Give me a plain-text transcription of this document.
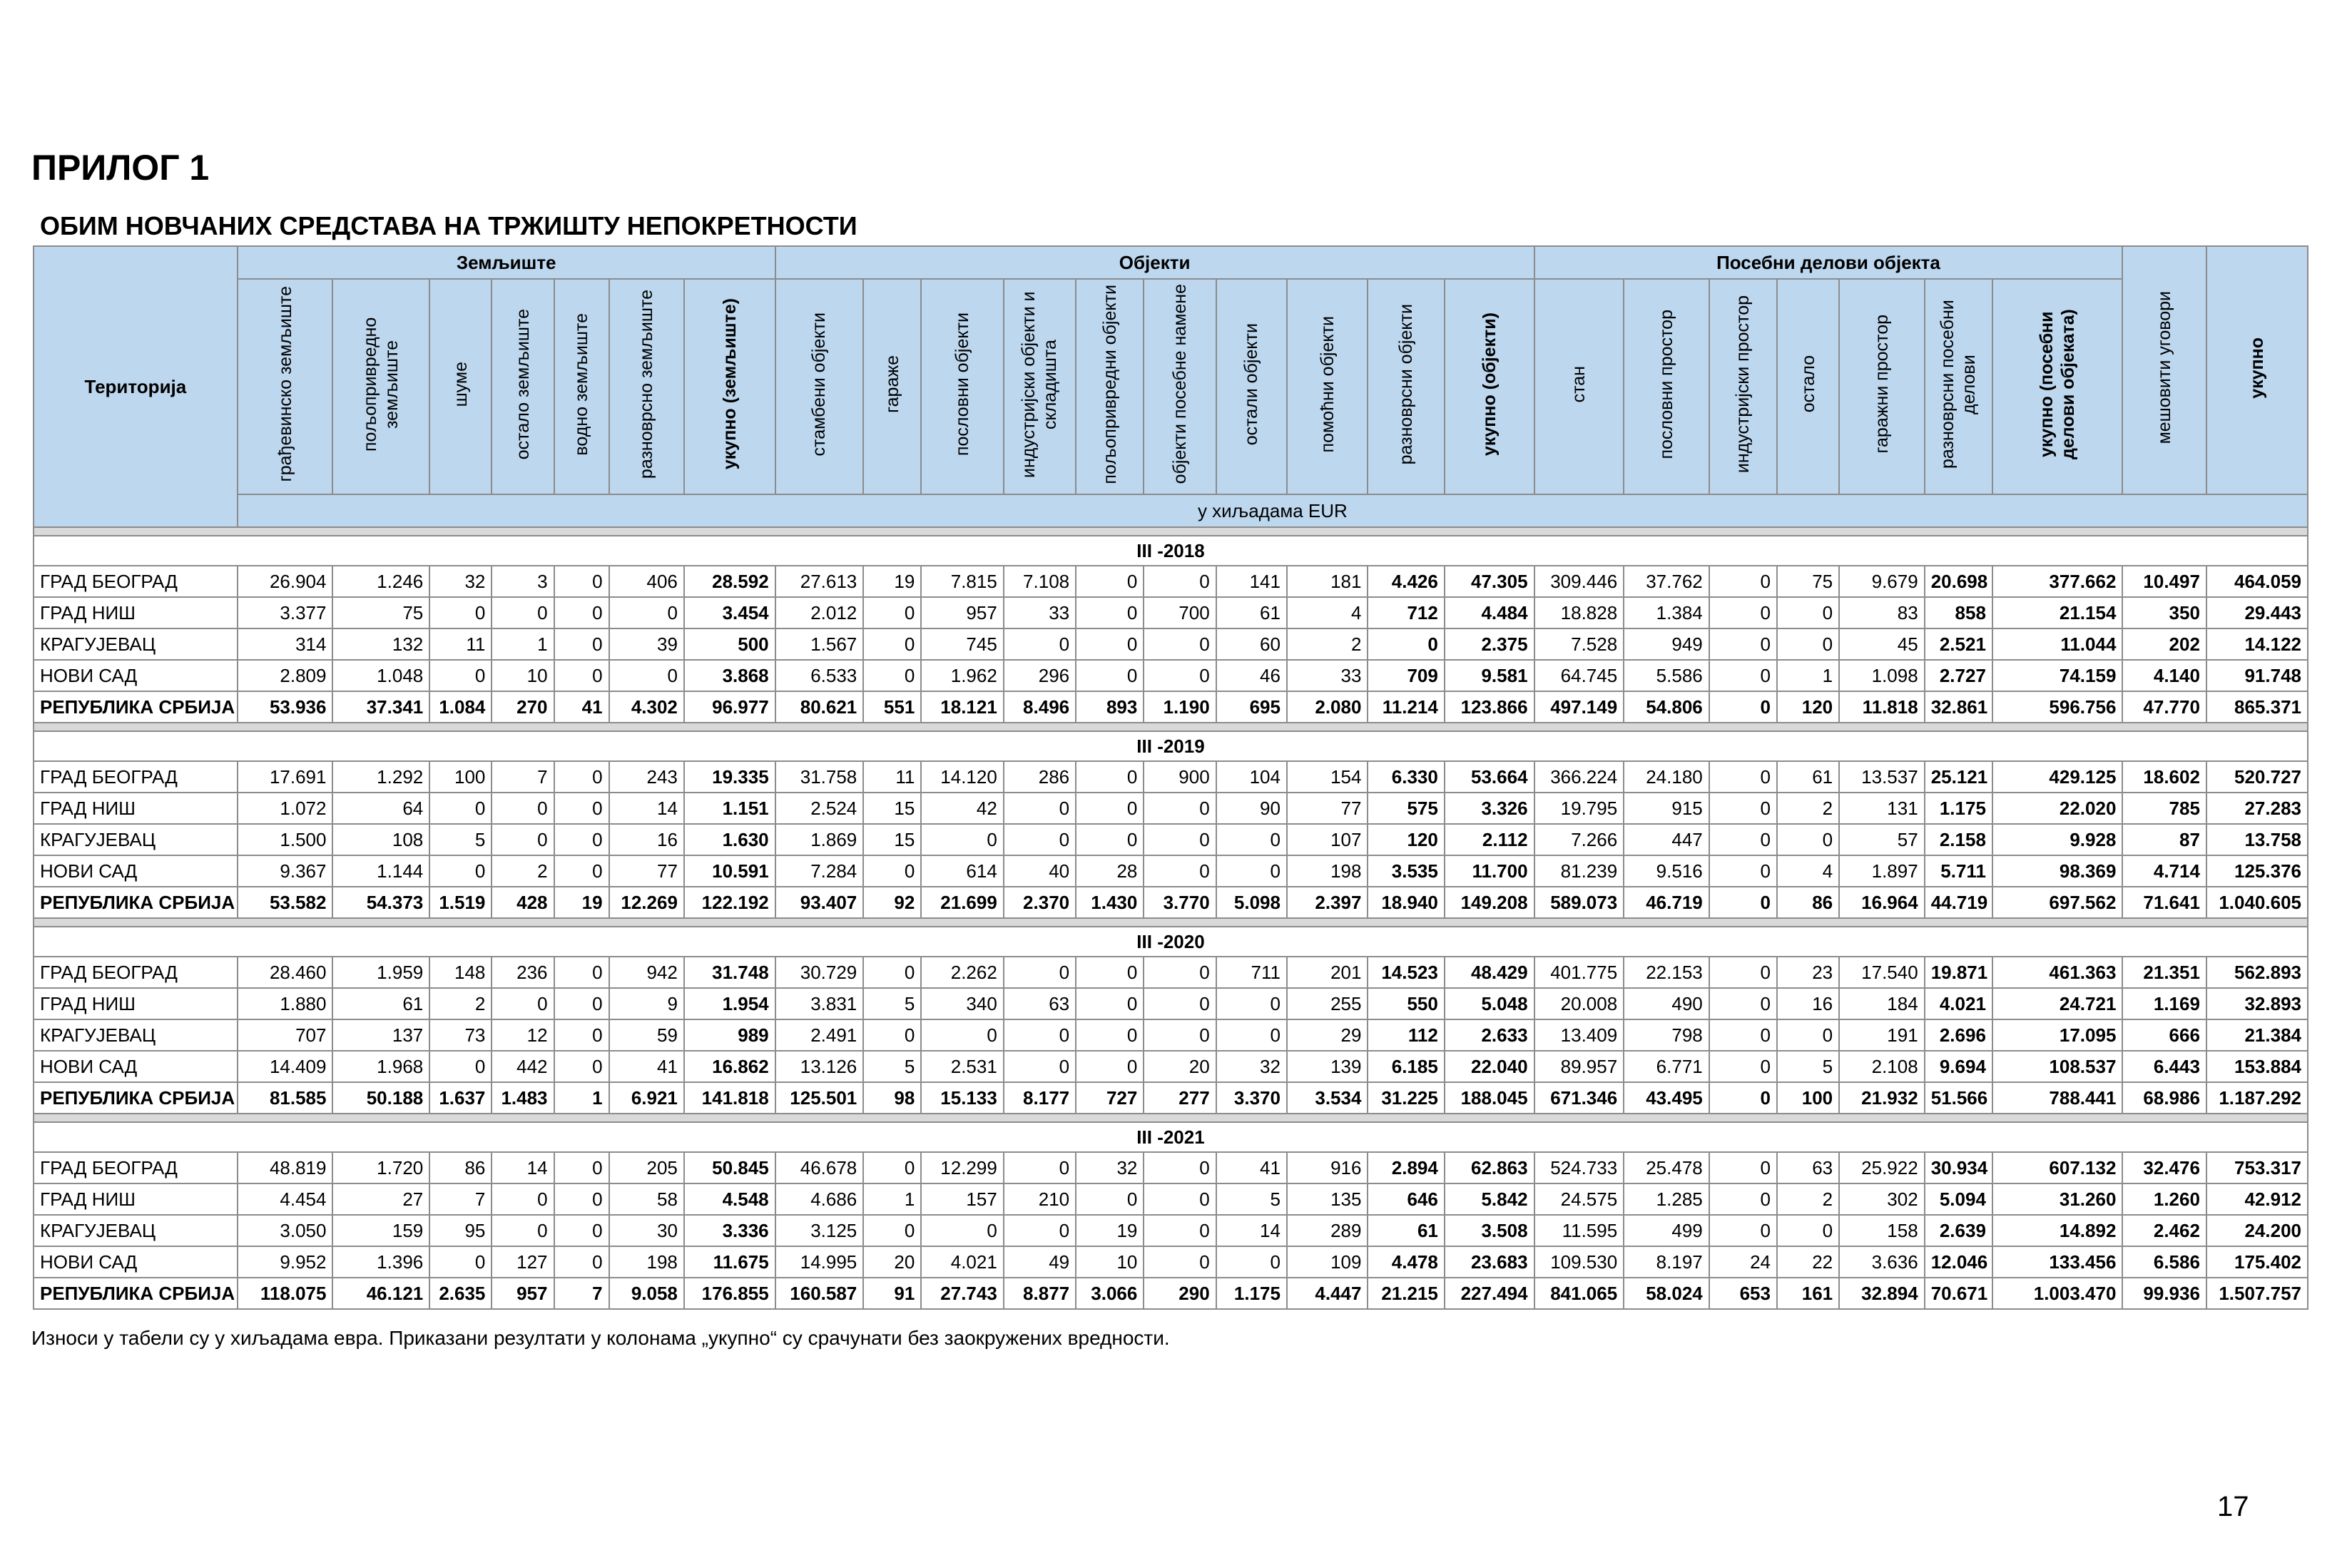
ПРИЛОГ 1
ОБИМ НОВЧАНИХ СРЕДСТАВА НА ТРЖИШТУ НЕПОКРЕТНОСТИ
Територија	Земљиште							Објекти										Посебни делови објекта							мешовити уговори	укупно
	грађевинско земљиште	пољопривредно земљиште	шуме	остало земљиште	водно земљиште	разноврсно земљиште	укупно (земљиште)	стамбени објекти	гараже	пословни објекти	индустријски објекти и складишта	пољопривредни објекти	објекти посебне намене	остали објекти	помоћни објекти	разноврсни објекти	укупно (објекти)	стан	пословни простор	индустријски простор	остало	гаражни простор	разноврсни посебни делови	укупно (посебни делови објеката)		
	у хиљадама EUR																									

III -2018																										
ГРАД БЕОГРАД	26.904	1.246	32	3	0	406	28.592	27.613	19	7.815	7.108	0	0	141	181	4.426	47.305	309.446	37.762	0	75	9.679	20.698	377.662	10.497	464.059
ГРАД НИШ	3.377	75	0	0	0	0	3.454	2.012	0	957	33	0	700	61	4	712	4.484	18.828	1.384	0	0	83	858	21.154	350	29.443
КРАГУЈЕВАЦ	314	132	11	1	0	39	500	1.567	0	745	0	0	0	60	2	0	2.375	7.528	949	0	0	45	2.521	11.044	202	14.122
НОВИ САД	2.809	1.048	0	10	0	0	3.868	6.533	0	1.962	296	0	0	46	33	709	9.581	64.745	5.586	0	1	1.098	2.727	74.159	4.140	91.748
РЕПУБЛИКА СРБИЈА	53.936	37.341	1.084	270	41	4.302	96.977	80.621	551	18.121	8.496	893	1.190	695	2.080	11.214	123.866	497.149	54.806	0	120	11.818	32.861	596.756	47.770	865.371

III -2019																										
ГРАД БЕОГРАД	17.691	1.292	100	7	0	243	19.335	31.758	11	14.120	286	0	900	104	154	6.330	53.664	366.224	24.180	0	61	13.537	25.121	429.125	18.602	520.727
ГРАД НИШ	1.072	64	0	0	0	14	1.151	2.524	15	42	0	0	0	90	77	575	3.326	19.795	915	0	2	131	1.175	22.020	785	27.283
КРАГУЈЕВАЦ	1.500	108	5	0	0	16	1.630	1.869	15	0	0	0	0	0	107	120	2.112	7.266	447	0	0	57	2.158	9.928	87	13.758
НОВИ САД	9.367	1.144	0	2	0	77	10.591	7.284	0	614	40	28	0	0	198	3.535	11.700	81.239	9.516	0	4	1.897	5.711	98.369	4.714	125.376
РЕПУБЛИКА СРБИЈА	53.582	54.373	1.519	428	19	12.269	122.192	93.407	92	21.699	2.370	1.430	3.770	5.098	2.397	18.940	149.208	589.073	46.719	0	86	16.964	44.719	697.562	71.641	1.040.605

III -2020																										
ГРАД БЕОГРАД	28.460	1.959	148	236	0	942	31.748	30.729	0	2.262	0	0	0	711	201	14.523	48.429	401.775	22.153	0	23	17.540	19.871	461.363	21.351	562.893
ГРАД НИШ	1.880	61	2	0	0	9	1.954	3.831	5	340	63	0	0	0	255	550	5.048	20.008	490	0	16	184	4.021	24.721	1.169	32.893
КРАГУЈЕВАЦ	707	137	73	12	0	59	989	2.491	0	0	0	0	0	0	29	112	2.633	13.409	798	0	0	191	2.696	17.095	666	21.384
НОВИ САД	14.409	1.968	0	442	0	41	16.862	13.126	5	2.531	0	0	20	32	139	6.185	22.040	89.957	6.771	0	5	2.108	9.694	108.537	6.443	153.884
РЕПУБЛИКА СРБИЈА	81.585	50.188	1.637	1.483	1	6.921	141.818	125.501	98	15.133	8.177	727	277	3.370	3.534	31.225	188.045	671.346	43.495	0	100	21.932	51.566	788.441	68.986	1.187.292

III -2021																										
ГРАД БЕОГРАД	48.819	1.720	86	14	0	205	50.845	46.678	0	12.299	0	32	0	41	916	2.894	62.863	524.733	25.478	0	63	25.922	30.934	607.132	32.476	753.317
ГРАД НИШ	4.454	27	7	0	0	58	4.548	4.686	1	157	210	0	0	5	135	646	5.842	24.575	1.285	0	2	302	5.094	31.260	1.260	42.912
КРАГУЈЕВАЦ	3.050	159	95	0	0	30	3.336	3.125	0	0	0	19	0	14	289	61	3.508	11.595	499	0	0	158	2.639	14.892	2.462	24.200
НОВИ САД	9.952	1.396	0	127	0	198	11.675	14.995	20	4.021	49	10	0	0	109	4.478	23.683	109.530	8.197	24	22	3.636	12.046	133.456	6.586	175.402
РЕПУБЛИКА СРБИЈА	118.075	46.121	2.635	957	7	9.058	176.855	160.587	91	27.743	8.877	3.066	290	1.175	4.447	21.215	227.494	841.065	58.024	653	161	32.894	70.671	1.003.470	99.936	1.507.757

Износи у табели су у хиљадама евра. Приказани резултати у колонама „укупно“ су срачунати без заокружених вредности.

17
